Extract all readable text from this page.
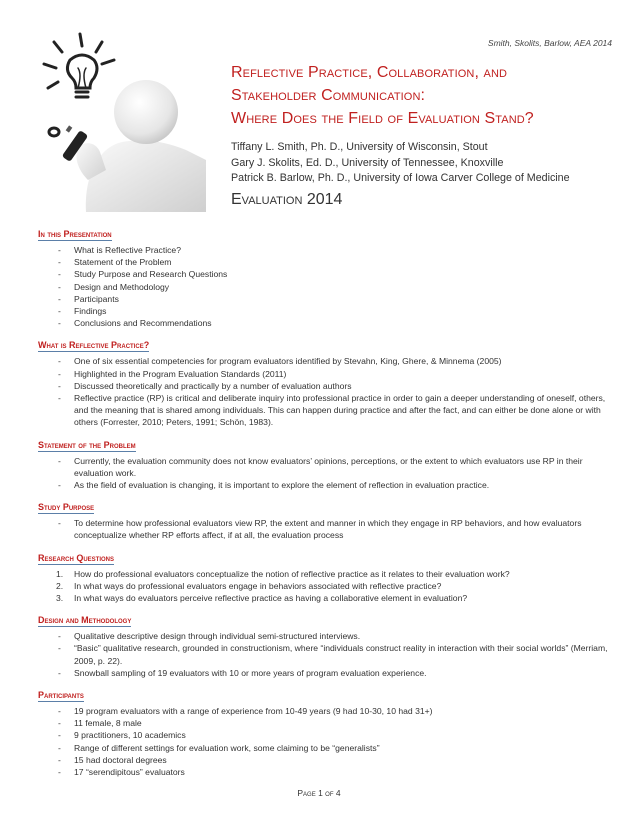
Smith, Skolits, Barlow, AEA 2014
Reflective Practice, Collaboration, and
Stakeholder Communication:
Where Does the Field of Evaluation Stand?
Tiffany L. Smith, Ph. D., University of Wisconsin, Stout
Gary J. Skolits, Ed. D., University of Tennessee, Knoxville
Patrick B. Barlow, Ph. D., University of Iowa Carver College of Medicine
Evaluation 2014
In this Presentation
- What is Reflective Practice?
- Statement of the Problem
- Study Purpose and Research Questions
- Design and Methodology
- Participants
- Findings
- Conclusions and Recommendations
What is Reflective Practice?
- One of six essential competencies for program evaluators identified by Stevahn, King, Ghere, & Minnema (2005)
- Highlighted in the Program Evaluation Standards (2011)
- Discussed theoretically and practically by a number of evaluation authors
- Reflective practice (RP) is critical and deliberate inquiry into professional practice in order to gain a deeper understanding of oneself, others, and the meaning that is shared among individuals. This can happen during practice and after the fact, and can either be done alone or with others (Forrester, 2010; Peters, 1991; Schön, 1983).
Statement of the Problem
- Currently, the evaluation community does not know evaluators’ opinions, perceptions, or the extent to which evaluators use RP in their evaluation work.
- As the field of evaluation is changing, it is important to explore the element of reflection in evaluation practice.
Study Purpose
- To determine how professional evaluators view RP, the extent and manner in which they engage in RP behaviors, and how evaluators conceptualize whether RP efforts affect, if at all, the evaluation process
Research Questions
1. How do professional evaluators conceptualize the notion of reflective practice as it relates to their evaluation work?
2. In what ways do professional evaluators engage in behaviors associated with reflective practice?
3. In what ways do evaluators perceive reflective practice as having a collaborative element in evaluation?
Design and Methodology
- Qualitative descriptive design through individual semi-structured interviews.
- “Basic” qualitative research, grounded in constructionism, where “individuals construct reality in interaction with their social worlds” (Merriam, 2009, p. 22).
- Snowball sampling of 19 evaluators with 10 or more years of program evaluation experience.
Participants
- 19 program evaluators with a range of experience from 10-49 years (9 had 10-30, 10 had 31+)
- 11 female, 8 male
- 9 practitioners, 10 academics
- Range of different settings for evaluation work, some claiming to be “generalists”
- 15 had doctoral degrees
- 17 “serendipitous” evaluators
Page 1 of 4
